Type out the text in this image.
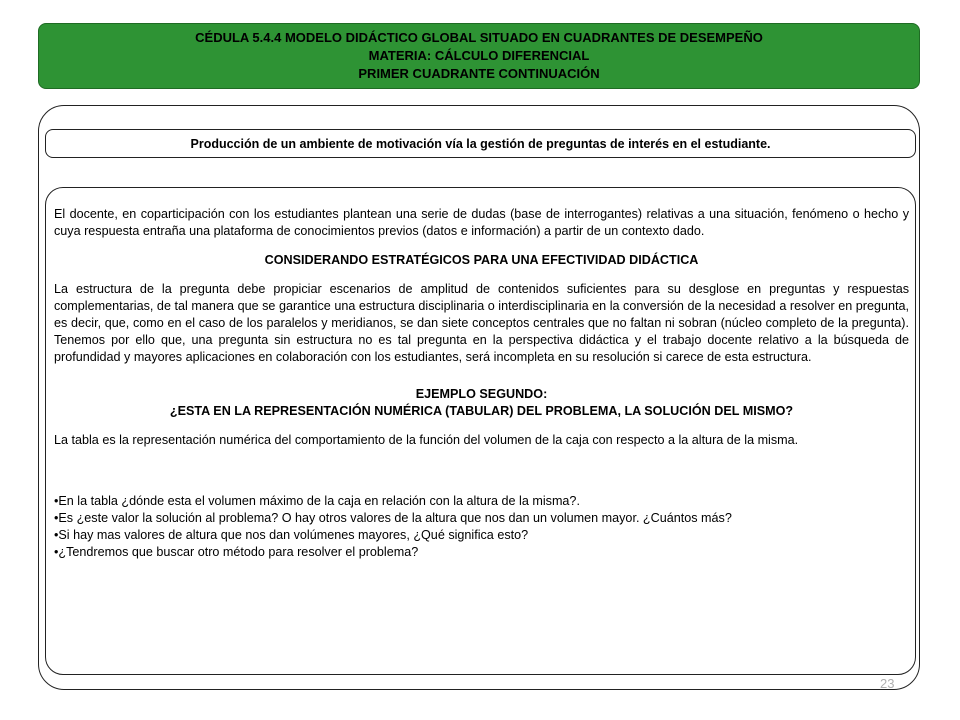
CÉDULA 5.4.4 MODELO DIDÁCTICO GLOBAL SITUADO EN CUADRANTES DE DESEMPEÑO
MATERIA: CÁLCULO DIFERENCIAL
PRIMER CUADRANTE CONTINUACIÓN
Producción de un ambiente de motivación vía la gestión de preguntas de interés en el estudiante.

El docente, en coparticipación con los estudiantes plantean una serie de dudas (base de interrogantes) relativas a una situación, fenómeno o hecho y cuya respuesta entraña una plataforma de conocimientos previos (datos e información) a partir de un contexto dado.

CONSIDERANDO ESTRATÉGICOS PARA UNA EFECTIVIDAD DIDÁCTICA

La estructura de la pregunta debe propiciar escenarios de amplitud de contenidos suficientes para su desglose en preguntas y respuestas complementarias, de tal manera que se garantice una estructura disciplinaria o interdisciplinaria en la conversión de la necesidad a resolver en pregunta, es decir, que, como en el caso de los paralelos y meridianos, se dan siete conceptos centrales que no faltan ni sobran (núcleo completo de la pregunta). Tenemos por ello que, una pregunta sin estructura no es tal pregunta en la perspectiva didáctica y el trabajo docente relativo a la búsqueda de profundidad y mayores aplicaciones en colaboración con los estudiantes, será incompleta en su resolución si carece de esta estructura.

EJEMPLO SEGUNDO:

¿ESTA EN LA REPRESENTACIÓN NUMÉRICA (TABULAR) DEL PROBLEMA, LA SOLUCIÓN DEL MISMO?

La tabla es la representación numérica del comportamiento de la función del volumen de la caja con respecto a la altura de la misma.

•En la tabla ¿dónde esta el volumen máximo de la caja en relación con la altura de la misma?.

•Es ¿este valor la solución al problema? O hay otros valores de la altura que nos dan un volumen mayor. ¿Cuántos más?

•Si hay mas valores de altura que nos dan volúmenes mayores, ¿Qué significa esto?

•¿Tendremos que buscar otro método para resolver el problema?

23
